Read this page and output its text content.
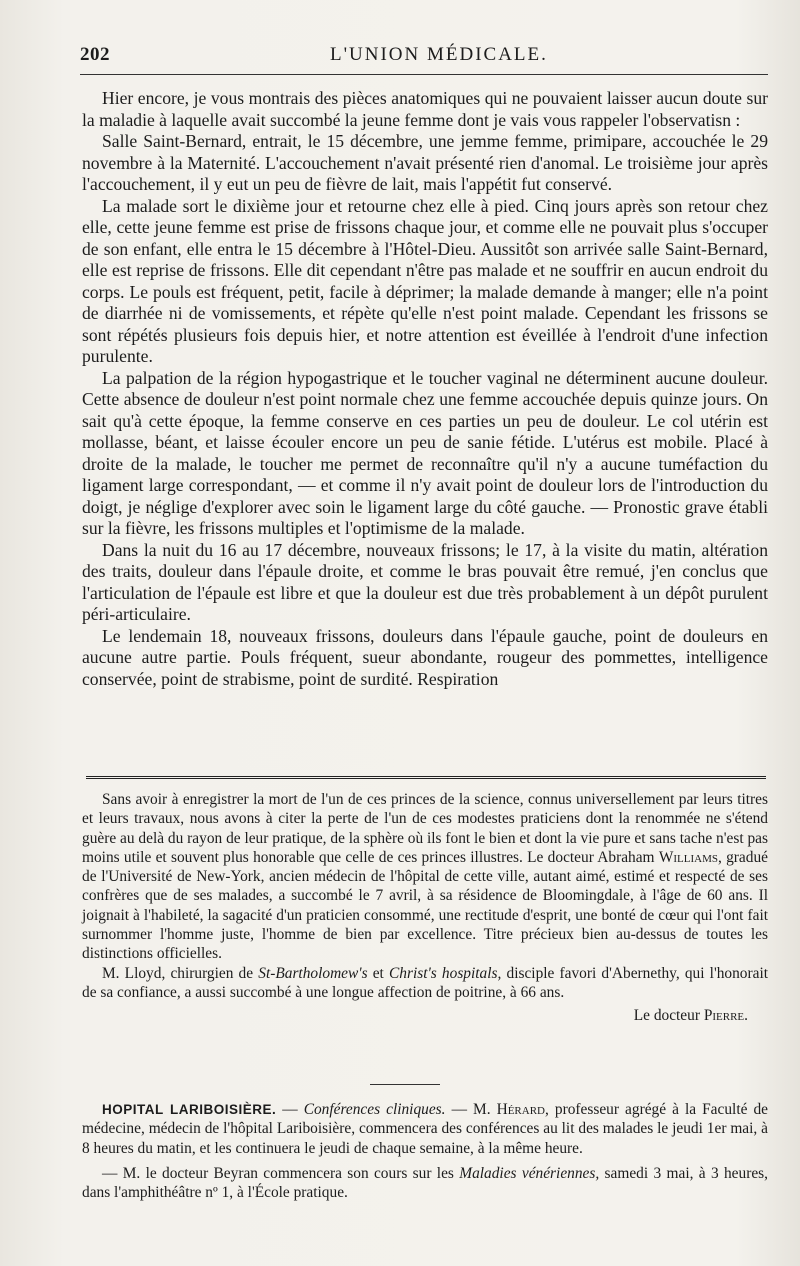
202	L'UNION MÉDICALE.

Hier encore, je vous montrais des pièces anatomiques qui ne pouvaient laisser aucun doute sur la maladie à laquelle avait succombé la jeune femme dont je vais vous rappeler l'observatisn :

Salle Saint-Bernard, entrait, le 15 décembre, une jemme femme, primipare, accouchée le 29 novembre à la Maternité. L'accouchement n'avait présenté rien d'anomal. Le troisième jour après l'accouchement, il y eut un peu de fièvre de lait, mais l'appétit fut conservé.

La malade sort le dixième jour et retourne chez elle à pied. Cinq jours après son retour chez elle, cette jeune femme est prise de frissons chaque jour, et comme elle ne pouvait plus s'occuper de son enfant, elle entra le 15 décembre à l'Hôtel-Dieu. Aussitôt son arrivée salle Saint-Bernard, elle est reprise de frissons. Elle dit cependant n'être pas malade et ne souffrir en aucun endroit du corps. Le pouls est fréquent, petit, facile à déprimer; la malade demande à manger; elle n'a point de diarrhée ni de vomissements, et répète qu'elle n'est point malade. Cependant les frissons se sont répétés plusieurs fois depuis hier, et notre attention est éveillée à l'endroit d'une infection purulente.

La palpation de la région hypogastrique et le toucher vaginal ne déterminent aucune douleur. Cette absence de douleur n'est point normale chez une femme accouchée depuis quinze jours. On sait qu'à cette époque, la femme conserve en ces parties un peu de douleur. Le col utérin est mollasse, béant, et laisse écouler encore un peu de sanie fétide. L'utérus est mobile. Placé à droite de la malade, le toucher me permet de reconnaître qu'il n'y a aucune tuméfaction du ligament large correspondant, — et comme il n'y avait point de douleur lors de l'introduction du doigt, je néglige d'explorer avec soin le ligament large du côté gauche. — Pronostic grave établi sur la fièvre, les frissons multiples et l'optimisme de la malade.

Dans la nuit du 16 au 17 décembre, nouveaux frissons; le 17, à la visite du matin, altération des traits, douleur dans l'épaule droite, et comme le bras pouvait être remué, j'en conclus que l'articulation de l'épaule est libre et que la douleur est due très probablement à un dépôt purulent péri-articulaire.

Le lendemain 18, nouveaux frissons, douleurs dans l'épaule gauche, point de douleurs en aucune autre partie. Pouls fréquent, sueur abondante, rougeur des pommettes, intelligence conservée, point de strabisme, point de surdité. Respiration

Sans avoir à enregistrer la mort de l'un de ces princes de la science, connus universellement par leurs titres et leurs travaux, nous avons à citer la perte de l'un de ces modestes praticiens dont la renommée ne s'étend guère au delà du rayon de leur pratique, de la sphère où ils font le bien et dont la vie pure et sans tache n'est pas moins utile et souvent plus honorable que celle de ces princes illustres. Le docteur Abraham Williams, gradué de l'Université de New-York, ancien médecin de l'hôpital de cette ville, autant aimé, estimé et respecté de ses confrères que de ses malades, a succombé le 7 avril, à sa résidence de Bloomingdale, à l'âge de 60 ans. Il joignait à l'habileté, la sagacité d'un praticien consommé, une rectitude d'esprit, une bonté de cœur qui l'ont fait surnommer l'homme juste, l'homme de bien par excellence. Titre précieux bien au-dessus de toutes les distinctions officielles.

M. Lloyd, chirurgien de St-Bartholomew's et Christ's hospitals, disciple favori d'Abernethy, qui l'honorait de sa confiance, a aussi succombé à une longue affection de poitrine, à 66 ans.

Le docteur Pierre.

HOPITAL LARIBOISIÈRE. — Conférences cliniques. — M. Hérard, professeur agrégé à la Faculté de médecine, médecin de l'hôpital Lariboisière, commencera des conférences au lit des malades le jeudi 1er mai, à 8 heures du matin, et les continuera le jeudi de chaque semaine, à la même heure.

— M. le docteur Beyran commencera son cours sur les Maladies vénériennes, samedi 3 mai, à 3 heures, dans l'amphithéâtre nº 1, à l'École pratique.
